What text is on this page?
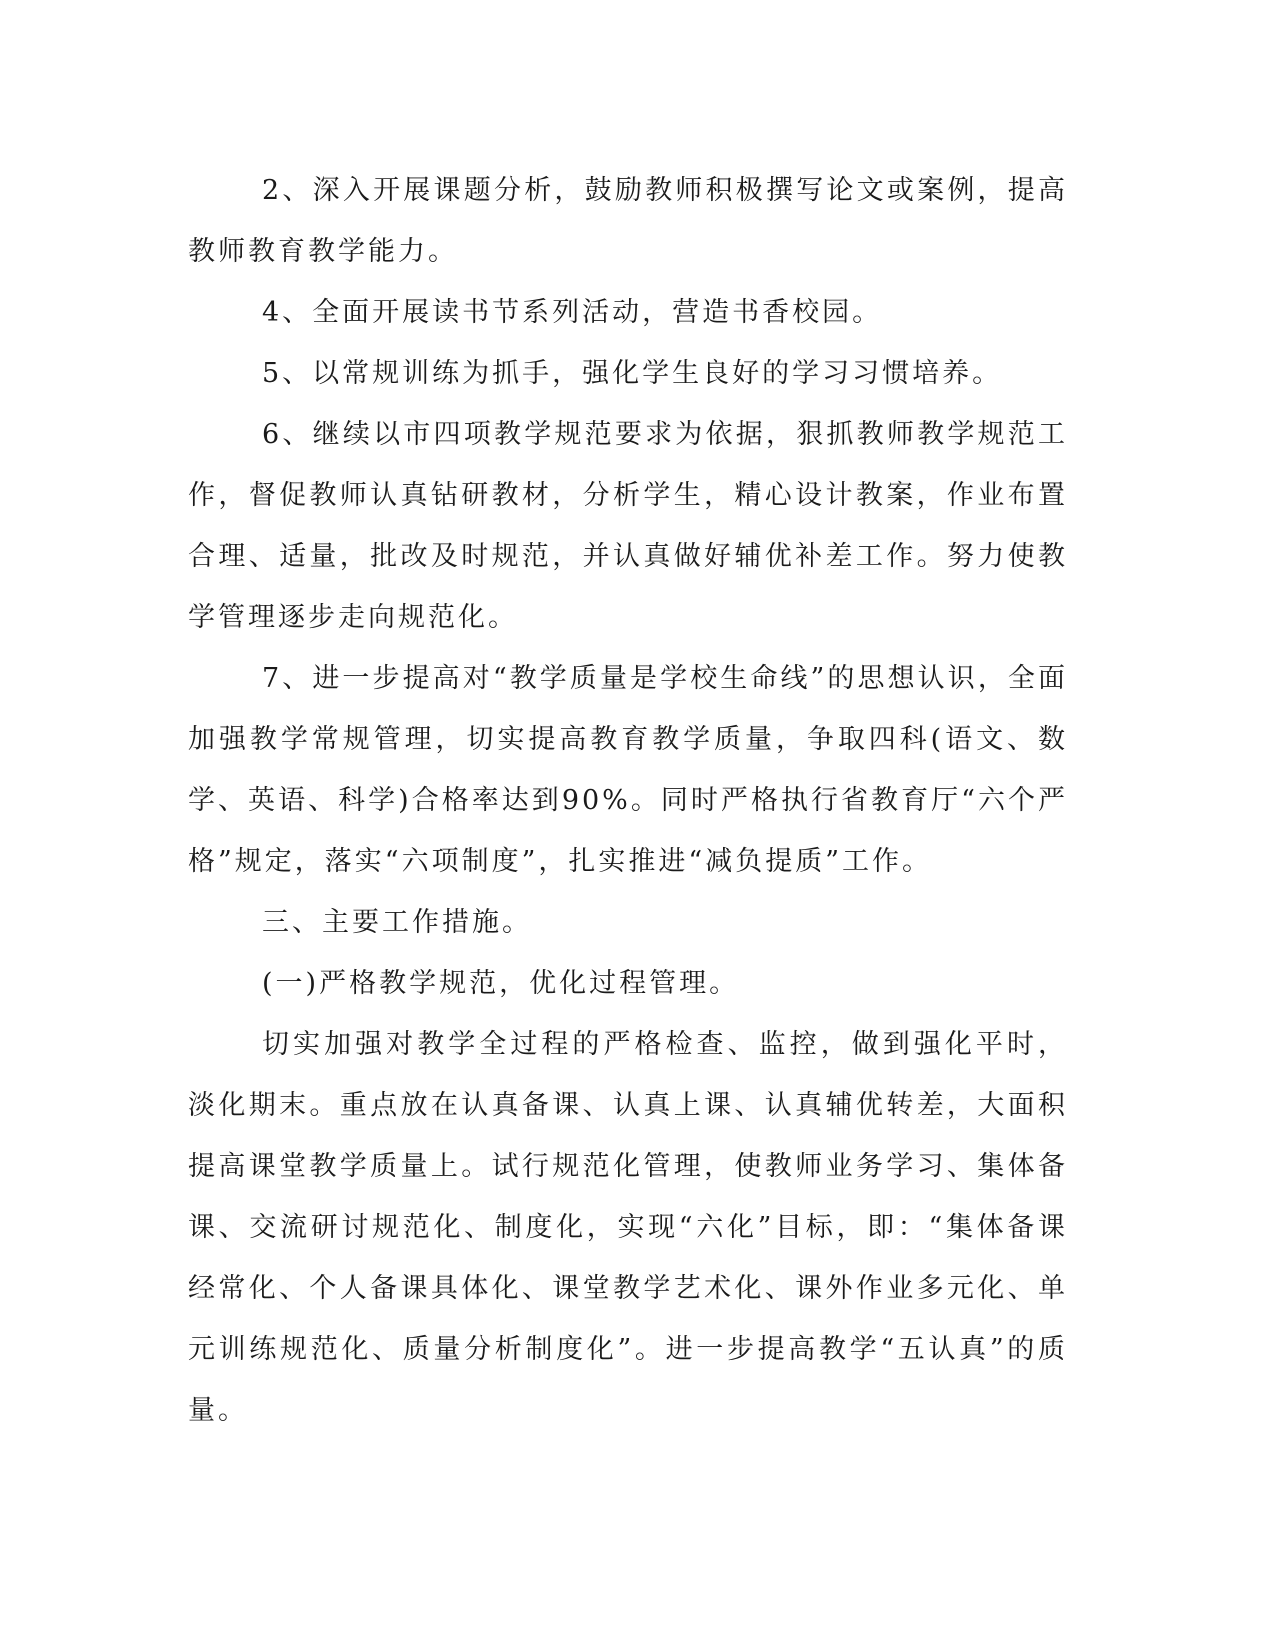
2、深入开展课题分析，鼓励教师积极撰写论文或案例，提高教师教育教学能力。

4、全面开展读书节系列活动，营造书香校园。

5、以常规训练为抓手，强化学生良好的学习习惯培养。

6、继续以市四项教学规范要求为依据，狠抓教师教学规范工作，督促教师认真钻研教材，分析学生，精心设计教案，作业布置合理、适量，批改及时规范，并认真做好辅优补差工作。努力使教学管理逐步走向规范化。

7、进一步提高对“教学质量是学校生命线”的思想认识，全面加强教学常规管理，切实提高教育教学质量，争取四科(语文、数学、英语、科学)合格率达到90%。同时严格执行省教育厅“六个严格”规定，落实“六项制度”，扎实推进“减负提质”工作。

三、主要工作措施。

(一)严格教学规范，优化过程管理。

切实加强对教学全过程的严格检查、监控，做到强化平时，淡化期末。重点放在认真备课、认真上课、认真辅优转差，大面积提高课堂教学质量上。试行规范化管理，使教师业务学习、集体备课、交流研讨规范化、制度化，实现“六化”目标，即：“集体备课经常化、个人备课具体化、课堂教学艺术化、课外作业多元化、单元训练规范化、质量分析制度化”。进一步提高教学“五认真”的质量。
